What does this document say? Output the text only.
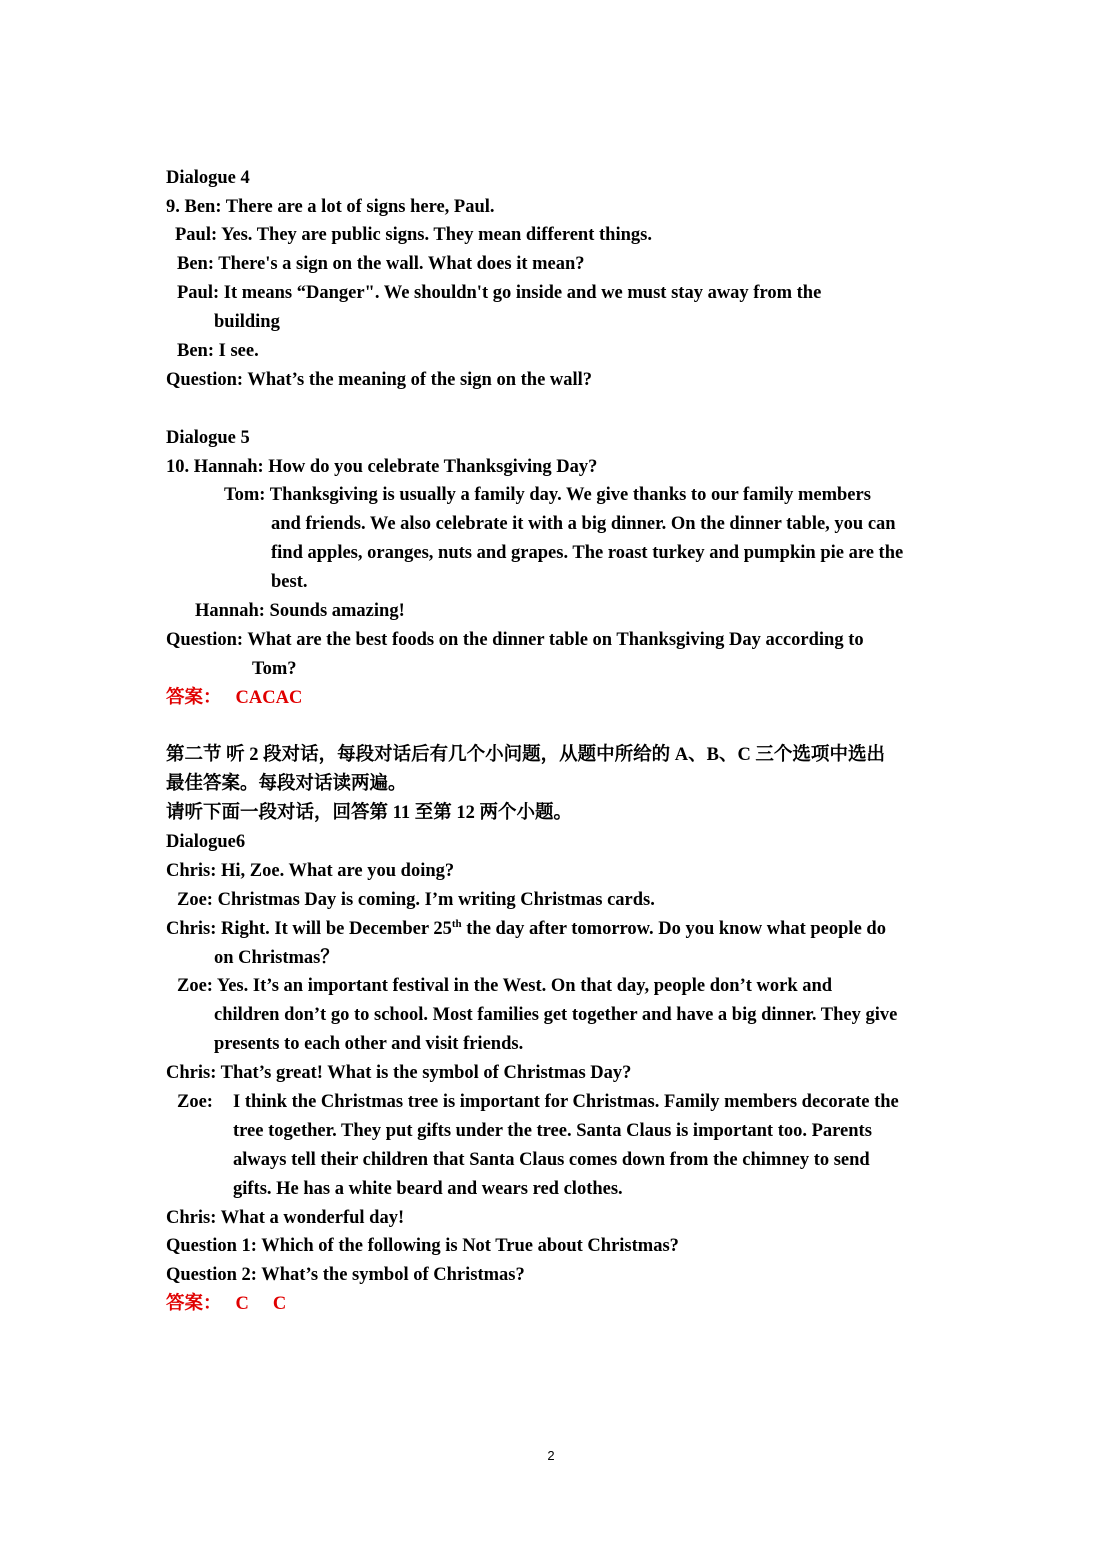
Dialogue 4
9. Ben: There are a lot of signs here, Paul.
Paul: Yes. They are public signs. They mean different things.
Ben: There's a sign on the wall. What does it mean?
Paul: It means “Danger". We shouldn't go inside and we must stay away from the
building
Ben: I see.
Question: What’s the meaning of the sign on the wall?
Dialogue 5
10. Hannah: How do you celebrate Thanksgiving Day?
Tom: Thanksgiving is usually a family day. We give thanks to our family members
and friends. We also celebrate it with a big dinner. On the dinner table, you can
find apples, oranges, nuts and grapes. The roast turkey and pumpkin pie are the
best.
Hannah: Sounds amazing!
Question: What are the best foods on the dinner table on Thanksgiving Day according to
Tom?
答案： CACAC
第二节 听 2 段对话，每段对话后有几个小问题，从题中所给的 A、B、C 三个选项中选出
最佳答案。每段对话读两遍。
请听下面一段对话，回答第 11 至第 12 两个小题。
Dialogue6
Chris: Hi, Zoe. What are you doing?
Zoe: Christmas Day is coming. I’m writing Christmas cards.
Chris: Right. It will be December 25th the day after tomorrow. Do you know what people do
on Christmas？
Zoe: Yes. It’s an important festival in the West. On that day, people don’t work and
children don’t go to school. Most families get together and have a big dinner. They give
presents to each other and visit friends.
Chris: That’s great! What is the symbol of Christmas Day?
Zoe: I think the Christmas tree is important for Christmas. Family members decorate the
tree together. They put gifts under the tree. Santa Claus is important too. Parents
always tell their children that Santa Claus comes down from the chimney to send
gifts. He has a white beard and wears red clothes.
Chris: What a wonderful day!
Question 1: Which of the following is Not True about Christmas?
Question 2: What’s the symbol of Christmas?
答案： C C
2
